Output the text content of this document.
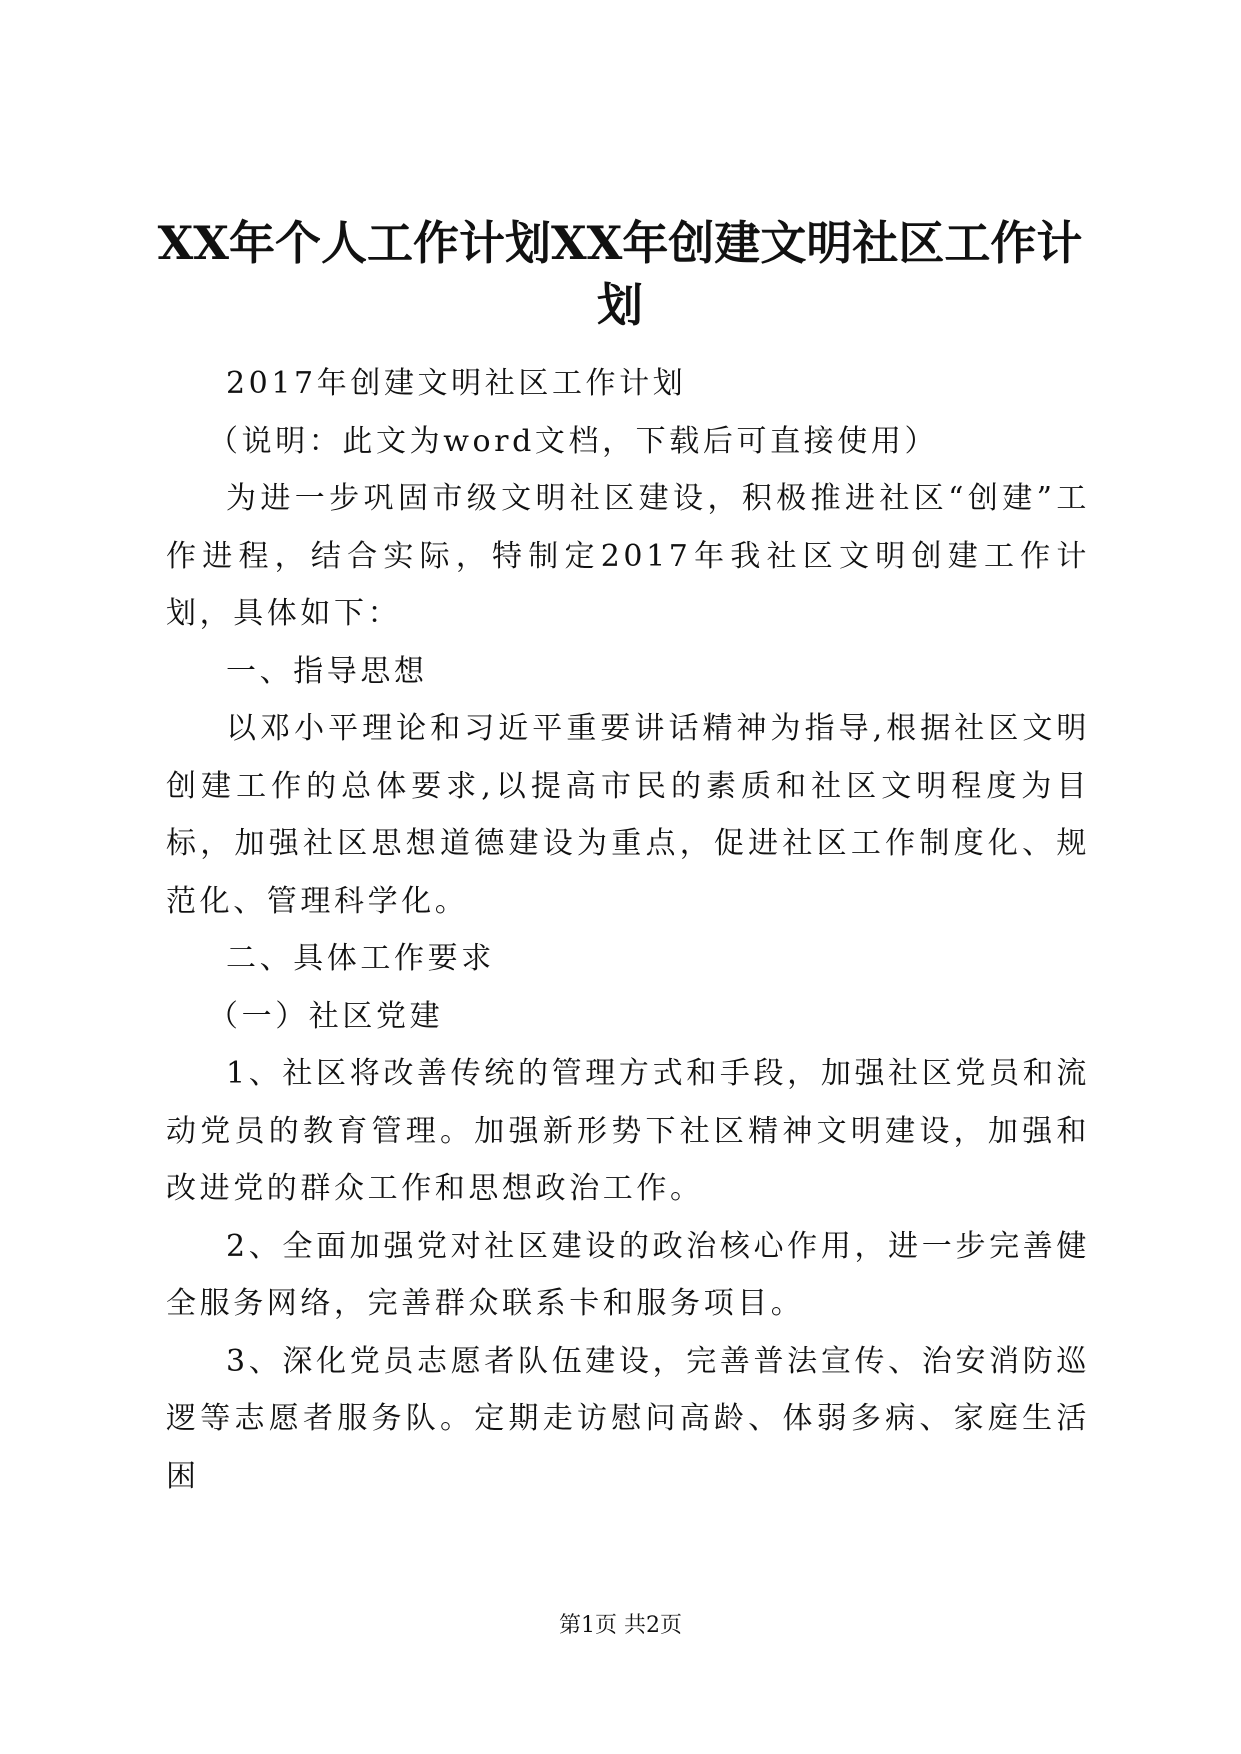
XX年个人工作计划XX年创建文明社区工作计划

2017年创建文明社区工作计划

（说明：此文为word文档，下载后可直接使用）

为进一步巩固市级文明社区建设，积极推进社区“创建”工作进程，结合实际，特制定2017年我社区文明创建工作计划，具体如下：

一、指导思想

以邓小平理论和习近平重要讲话精神为指导,根据社区文明创建工作的总体要求,以提高市民的素质和社区文明程度为目标，加强社区思想道德建设为重点，促进社区工作制度化、规范化、管理科学化。

二、具体工作要求

（一）社区党建

1、社区将改善传统的管理方式和手段，加强社区党员和流动党员的教育管理。加强新形势下社区精神文明建设，加强和改进党的群众工作和思想政治工作。

2、全面加强党对社区建设的政治核心作用，进一步完善健全服务网络，完善群众联系卡和服务项目。

3、深化党员志愿者队伍建设，完善普法宣传、治安消防巡逻等志愿者服务队。定期走访慰问高龄、体弱多病、家庭生活困

第1页 共2页
